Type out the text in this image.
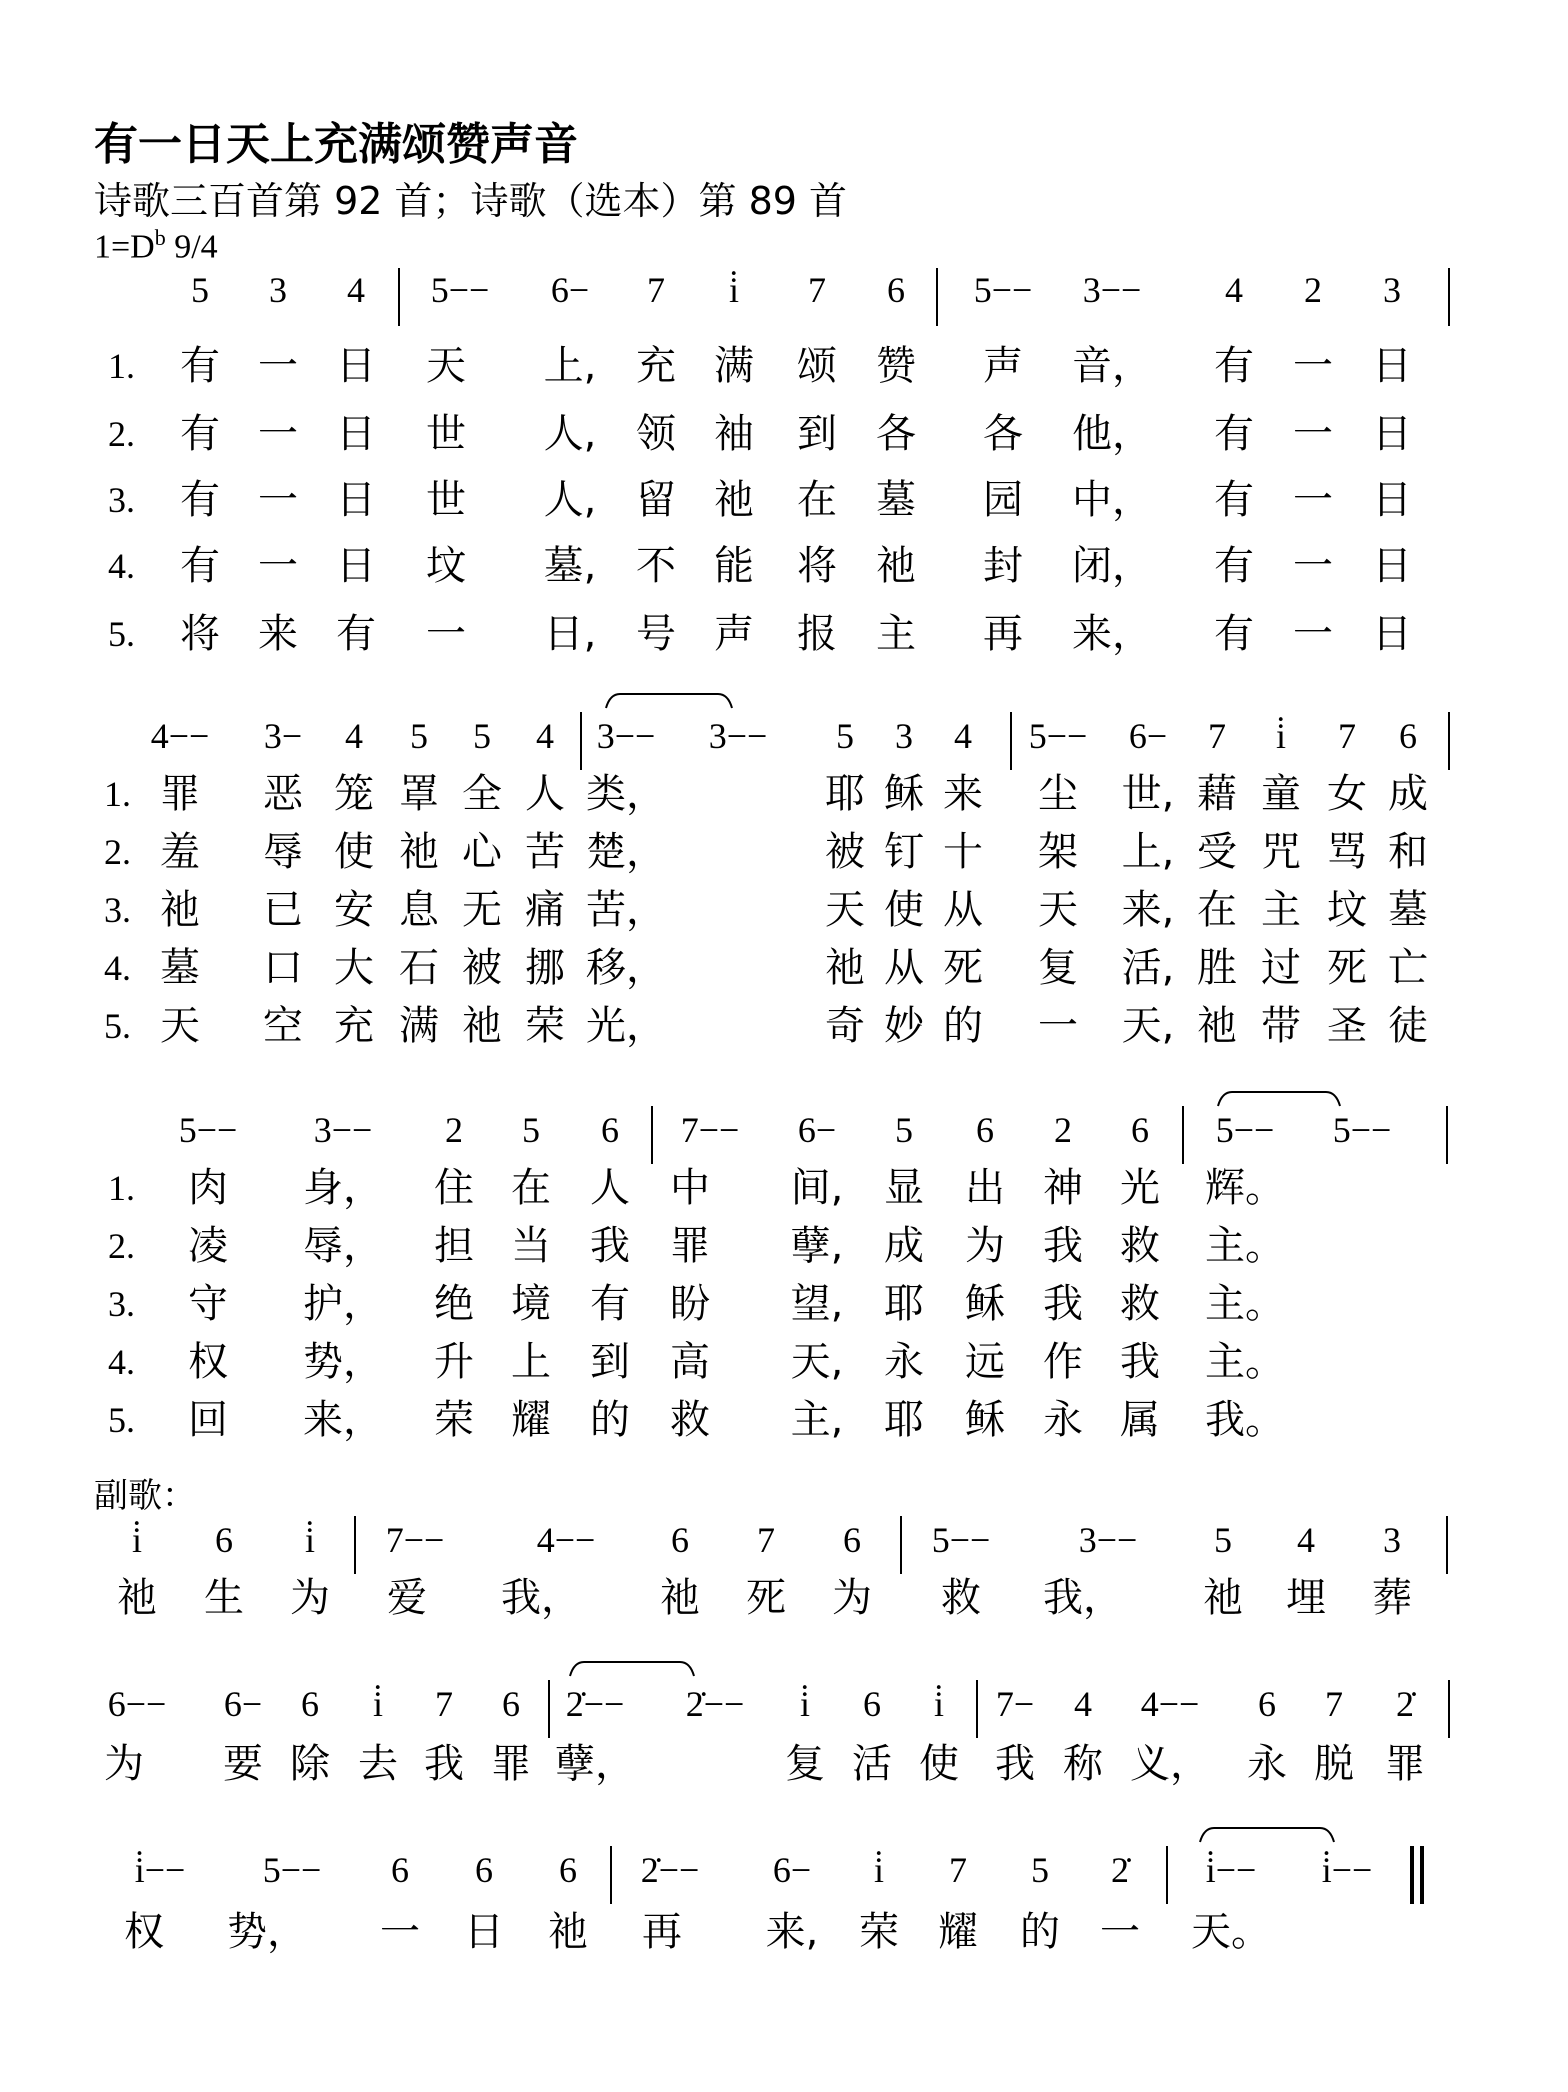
有一日天上充满颂赞声音
诗歌三百首第 92 首；诗歌（选本）第 89 首
$1=D^b$ 9/4
副歌：
5 3 4 5−− 6− 7 i̇ 7 6 5−− 3−− 4 2 3
1. 有 一 日 天 上, 充 满 颂 赞 声 音， 有 一 日
2. 有 一 日 世 人, 领 袖 到 各 各 他， 有 一 日
3. 有 一 日 世 人, 留 祂 在 墓 园 中， 有 一 日
4. 有 一 日 坟 墓, 不 能 将 祂 封 闭， 有 一 日
5. 将 来 有 一 日, 号 声 报 主 再 来， 有 一 日
4−− 3− 4 5 5 4 3−− 3−− 5 3 4 5−− 6− 7 i̇ 7 6
1. 罪 恶 笼 罩 全 人 类，	耶 稣 来 尘 世, 藉 童 女 成
2. 羞 辱 使 祂 心 苦 楚，	被 钉 十 架 上, 受 咒 骂 和
3. 祂 已 安 息 无 痛 苦，	天 使 从 天 来, 在 主 坟 墓
4. 墓 口 大 石 被 挪 移，	祂 从 死 复 活, 胜 过 死 亡
5. 天 空 充 满 祂 荣 光，	奇 妙 的 一 天, 祂 带 圣 徒
5−− 3−− 2 5 6 7−− 6− 5 6 2 6 5−− 5−−
1. 肉 身， 住 在 人 中 间, 显 出 神 光 辉。
2. 凌 辱， 担 当 我 罪 孽, 成 为 我 救 主。
3. 守 护， 绝 境 有 盼 望, 耶 稣 我 救 主。
4. 权 势， 升 上 到 高 天, 永 远 作 我 主。
5. 回 来， 荣 耀 的 救 主, 耶 稣 永 属 我。
i̇ 6 i̇ 7−−	4−− 6 7 6 5−− 3−− 5 4 3
祂 生 为 爱 我， 祂 死 为 救 我， 祂 埋 葬
6−− 6− 6 i̇ 7 6 2̇−− 2̇−− i̇ 6 i̇ 7− 4 4−− 6 7 2̇
为 要 除 去 我 罪 孽，	复 活 使 我 称 义， 永 脱 罪
i̇−− 5−− 6 6 6 2̇−− 6− i̇ 7 5 2̇ i̇−− i̇−−
权 势， 一 日 祂 再 来, 荣 耀 的 一 天。
